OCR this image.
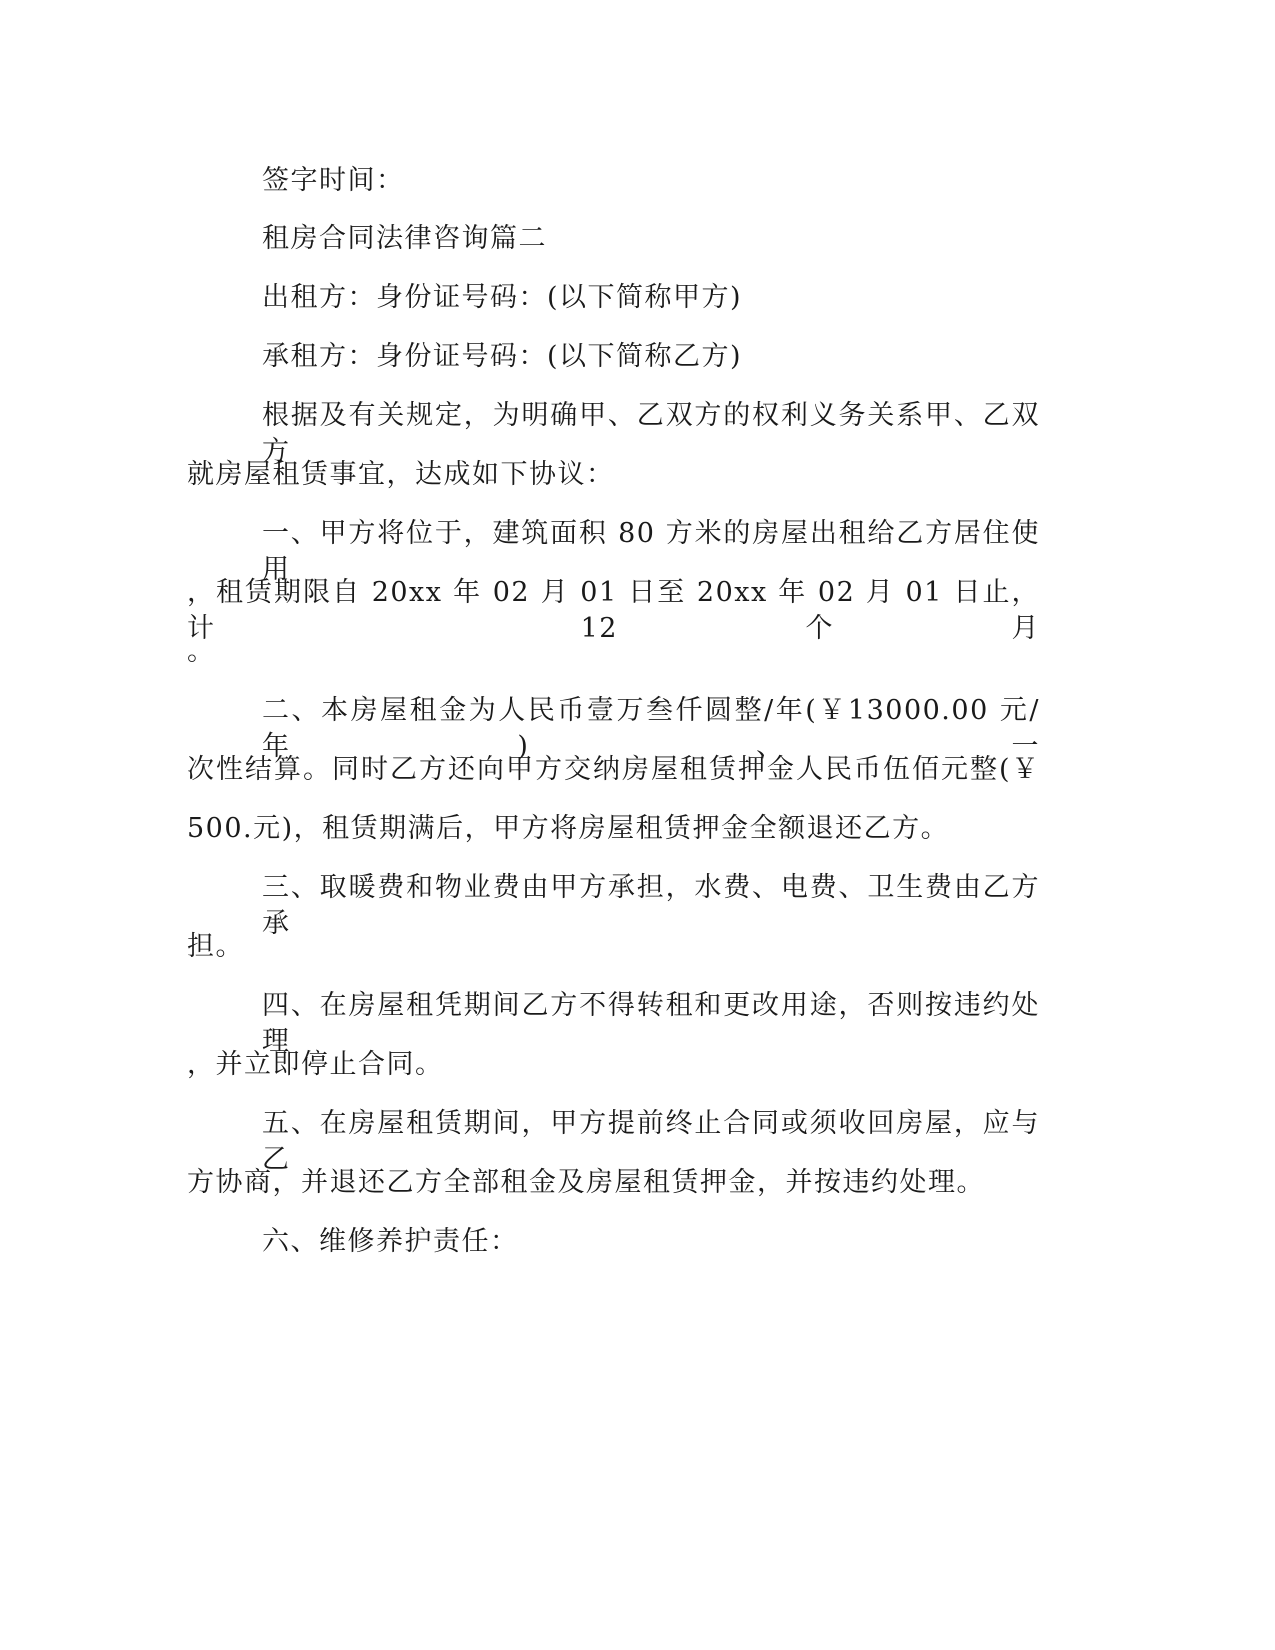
签字时间：
租房合同法律咨询篇二
出租方：身份证号码：(以下简称甲方)
承租方：身份证号码：(以下简称乙方)
根据及有关规定，为明确甲、乙双方的权利义务关系甲、乙双方
就房屋租赁事宜，达成如下协议：
一、甲方将位于，建筑面积 80 方米的房屋出租给乙方居住使用
，租赁期限自 20xx 年 02 月 01 日至 20xx 年 02 月 01 日止，计 12 个月
。
二、本房屋租金为人民币壹万叁仟圆整/年(￥13000.00 元/年)、一
次性结算。同时乙方还向甲方交纳房屋租赁押金人民币伍佰元整(￥
500.元)，租赁期满后，甲方将房屋租赁押金全额退还乙方。
三、取暖费和物业费由甲方承担，水费、电费、卫生费由乙方承
担。
四、在房屋租凭期间乙方不得转租和更改用途，否则按违约处理
，并立即停止合同。
五、在房屋租赁期间，甲方提前终止合同或须收回房屋，应与乙
方协商，并退还乙方全部租金及房屋租赁押金，并按违约处理。
六、维修养护责任：
